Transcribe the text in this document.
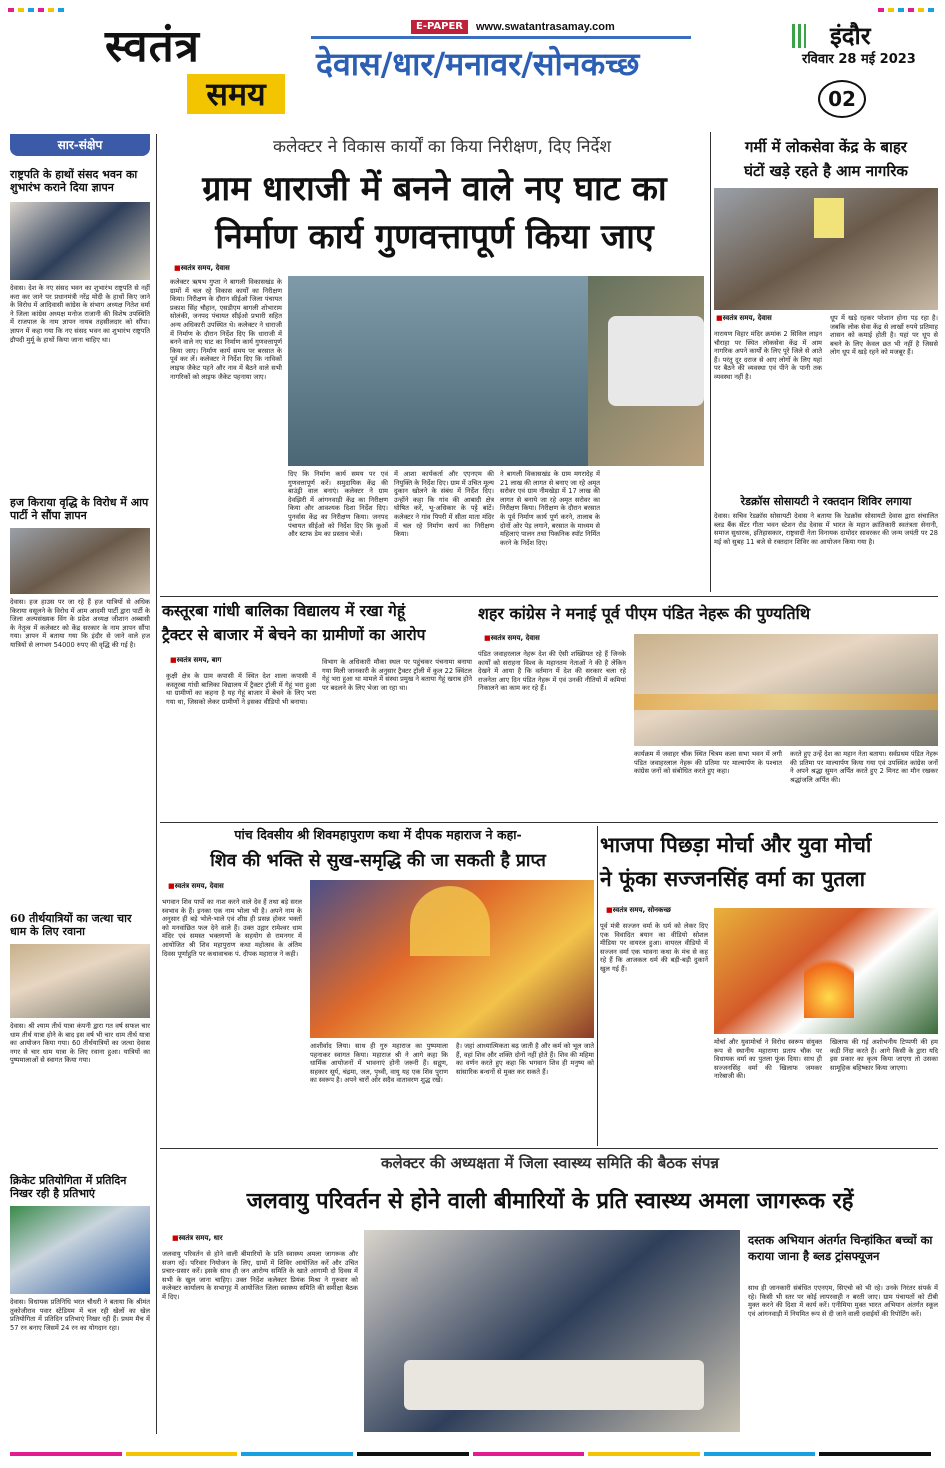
स्वतंत्र
समय
E-PAPER	www.swatantrasamay.com
देवास/धार/मनावर/सोनकच्छ
इंदौर
रविवार 28 मई 2023
02
सार-संक्षेप
राष्ट्रपति के हाथों संसद भवन का शुभारंभ कराने दिया ज्ञापन
देवास। देश के नए संसद भवन का शुभारंभ राष्ट्रपति से नहीं करा कर जाने पर प्रधानमंत्री नरेंद्र मोदी के हाथों किए जाने के विरोध में आदिवासी कांग्रेस के संभाग अध्यक्ष नितेश वर्मा ने जिला कांग्रेस अध्यक्ष मनोज राजानी की विशेष उपस्थिति में राजपाल के नाम ज्ञापन नायब तहसीलदार को सौंपा। ज्ञापन में कहा गया कि नए संसद भवन का शुभारंभ राष्ट्रपति द्रौपदी मुर्मू के हाथों किया जाना चाहिए था।
हज किराया वृद्धि के विरोध में आप पार्टी ने सौंपा ज्ञापन
देवास। हज हाउस पर जा रहे हैं हज यात्रियों से अधिक किराया वसूलने के विरोध में आम आदमी पार्टी द्वारा पार्टी के जिला अल्पसंख्यक विंग के प्रदेश अध्यक्ष जीशान अब्बासी के नेतृत्व में कलेक्टर को केंद्र सरकार के नाम ज्ञापन सौंपा गया। ज्ञापन में बताया गया कि इंदौर से जाने वाले हज यात्रियों से लगभग 54000 रुपए की वृद्धि की गई है।
60 तीर्थयात्रियों का जत्था चार धाम के लिए रवाना
देवास। श्री श्याम तीर्थ यात्रा कंपनी द्वारा गत वर्ष सफल चार धाम तीर्थ यात्रा होने के बाद इस वर्ष भी चार धाम तीर्थ यात्रा का आयोजन किया गया। 60 तीर्थयात्रियों का जत्था देवास नगर से चार धाम यात्रा के लिए रवाना हुआ। यात्रियों का पुष्पमालाओं से स्वागत किया गया।
क्रिकेट प्रतियोगिता में प्रतिदिन निखर रही है प्रतिभाएं
देवास। विधायक प्रतिनिधि भरत चौधरी ने बताया कि श्रीमंत तुकोजीराव पवार स्टेडियम में चल रही खेलों का खेल प्रतियोगिता में प्रतिदिन प्रतिभाएं निखर रही हैं। प्रथम मैच में 57 रन बनाए जिसमें 24 रन का योगदान रहा।
कलेक्टर ने विकास कार्यों का किया निरीक्षण, दिए निर्देश
ग्राम धाराजी में बनने वाले नए घाट का
निर्माण कार्य गुणवत्तापूर्ण किया जाए
■ स्वतंत्र समय, देवास
कलेक्टर ऋषभ गुप्ता ने बागली विकासखंड के ग्रामों में चल रहे विकास कार्यों का निरीक्षण किया। निरीक्षण के दौरान सीईओ जिला पंचायत प्रकाश सिंह चौहान, एसडीएम बागली शोभाराम सोलंकी, जनपद पंचायत सीईओ प्रभारी सहित अन्य अधिकारी उपस्थित थे। कलेक्टर ने धाराजी में निर्माण के दौरान निर्देश दिए कि धाराजी में बनने वाले नए घाट का निर्माण कार्य गुणवत्तापूर्ण किया जाए। निर्माण कार्य समय पर बरसात के पूर्व कर लें। कलेक्टर ने निर्देश दिए कि नाविकों लाइफ जैकेट पहने और नाव में बैठने वाले सभी नागरिकों को लाइफ जैकेट पहनाया जाए।
दिए कि निर्माण कार्य समय पर एवं गुणवत्तापूर्ण करें। समुदायिक केंद्र की बाउंड्री वाल बनाएं। कलेक्टर ने ग्राम देवझिरी में आंगनवाड़ी केंद्र का निरीक्षण किया और आवश्यक दिशा निर्देश दिए। पुनर्वास केंद्र का निरीक्षण किया। जनपद पंचायत सीईओ को निर्देश दिए कि कुओं और स्टाफ डेम का प्रस्ताव भेजें।
में आशा कार्यकर्ता और एएनएम की नियुक्ति के निर्देश दिए। ग्राम में उचित मूल्य दुकान खोलने के संबंध में निर्देश दिए। उन्होंने कहा कि गांव की आबादी क्षेत्र घोषित करें, भू-अधिकार के पट्टे बांटें। कलेक्टर ने गांव पिपरी में सीता माता मंदिर में चल रहे निर्माण कार्य का निरीक्षण किया।
ने बागली विकासखंड के ग्राम मगरादेह में 21 लाख की लागत से बनाए जा रहे अमृत सरोवर एवं ग्राम नीमखेड़ा में 17 लाख की लागत से बनाये जा रहे अमृत सरोवर का निरीक्षण किया। निरीक्षण के दौरान बरसात के पूर्व निर्माण कार्य पूर्ण करने, तालाब के दोनों ओर पेड़ लगाने, बरसात के माध्यम से महिलाएं पालन तथा पिकनिक स्पॉट निर्मित करने के निर्देश दिए।
गर्मी में लोकसेवा केंद्र के बाहर
घंटों खड़े रहते है आम नागरिक
■ स्वतंत्र समय, देवास
नारायण विहार मंदिर क्रमांक 2 सिविल लाइन चौराहा पर स्थित लोकसेवा केंद्र में आम नागरिक अपने कार्यों के लिए पूरे जिले से आते हैं। परंतु दूर दराज से आए लोगों के लिए यहां पर बैठने की व्यवस्था एवं पीने के पानी तक व्यवस्था नहीं है।
धूप में खड़े रहकर परेशान होना पड़ रहा है। जबकि लोक सेवा केंद्र से लाखों रुपये प्रतिमाह शासन को कमाई होती है। यहां पर धूप से बचने के लिए केवल छत भी नहीं है जिससे लोग धूप में खड़े रहने को मजबूर हैं।
रेडक्रॉस सोसायटी ने रक्तदान शिविर लगाया
देवास। सचिव रेडक्रॉस सोसायटी देवास ने बताया कि रेडक्रॉस सोसायटी देवास द्वारा संचालित ब्लड बैंक सेंटर गीता भवन स्टेशन रोड देवास में भारत के महान क्रांतिकारी स्वतंत्रता सेनानी, समाज सुधारक, इतिहासकार, राष्ट्रवादी नेता विनायक दामोदर सावरकर की जन्म जयंती पर 28 मई को सुबह 11 बजे से रक्तदान शिविर का आयोजन किया गया है।
कस्तूरबा गांधी बालिका विद्यालय में रखा गेहूं
ट्रैक्टर से बाजार में बेचने का ग्रामीणों का आरोप
■ स्वतंत्र समय, बाग
कुक्षी क्षेत्र के ग्राम कपासी में स्थित देश शाला कपासी में कस्तूरबा गांधी बालिका विद्यालय में ट्रैक्टर ट्रॉली में गेहूं भरा हुआ था ग्रामीणों का कहना है यह गेहूं बाजार में बेचने के लिए भरा गया था, जिसको लेकर ग्रामीणों ने इसका वीडियो भी बनाया।
विभाग के अधिकारी मौका स्थल पर पहुंचकर पंचनामा बनाया गया मिली जानकारी के अनुसार ट्रैक्टर ट्रॉली में कुल 22 क्विंटल गेहूं भरा हुआ था मामले में संस्था प्रमुख ने बताया गेहूं खराब होने पर बदलने के लिए भेजा जा रहा था।
शहर कांग्रेस ने मनाई पूर्व पीएम पंडित नेहरू की पुण्यतिथि
■ स्वतंत्र समय, देवास
पंडित जवाहरलाल नेहरू देश की ऐसी शख्सियत रहे हैं जिनके कार्यों को सराहना विश्व के महानतम नेताओं ने की है लेकिन देखने में आया है कि वर्तमान में देश की सरकार चला रहे राजनेता आए दिन पंडित नेहरू में एवं उनकी नीतियों में कमियां निकालने का काम कर रहे हैं।
कार्यक्रम में जवाहर चौक स्थित चित्रम कला सभा भवन में लगी पंडित जवाहरलाल नेहरू की प्रतिमा पर माल्यार्पण के पश्चात कांग्रेस जनों को संबोधित करते हुए कहा।
करते हुए उन्हें देश का महान नेता बताया। सर्वप्रथम पंडित नेहरू की प्रतिमा पर माल्यार्पण किया गया एवं उपस्थित कांग्रेस जनों ने अपने श्रद्धा सुमन अर्पित करते हुए 2 मिनट का मौन रखकर श्रद्धांजलि अर्पित की।
पांच दिवसीय श्री शिवमहापुराण कथा में दीपक महाराज ने कहा-
शिव की भक्ति से सुख-समृद्धि की जा सकती है प्राप्त
■ स्वतंत्र समय, देवास
भगवान शिव पापों का नाश करने वाले देव हैं तथा बड़े सरल स्वभाव के हैं। इनका एक नाम भोला भी है। अपने नाम के अनुसार ही बड़े भोले-भाले एवं शीघ्र ही प्रसन्न होकर भक्तों को मनवांछित फल देने वाले हैं। उक्त उद्गार रामेश्वर धाम मंदिर एवं समस्त भक्तगणों के सहयोग से रामनगर में आयोजित श्री शिव महापुराण कथा महोत्सव के अंतिम दिवस पूर्णाहुति पर कथावाचक पं. दीपक महाराज ने कही।
आशीर्वाद लिया। साथ ही गुरु महाराज का पुष्पमाला पहनाकर स्वागत किया। महाराज श्री ने आगे कहा कि धार्मिक आयोजनों में भावनाएं होनी जरूरी हैं। सद्गुण, सहकार सूर्य, चंद्रमा, जल, पृथ्वी, वायु यह एक शिव पुराण का स्वरूप है। अपने चारों ओर सदैव वातावरण शुद्ध रखें।
है। जहां आध्यात्मिकता बढ़ जाती है और कर्म को भूल जाते हैं, वहां शिव और शक्ति दोनों नहीं होते हैं। शिव की महिमा का वर्णन करते हुए कहा कि भगवान शिव ही मनुष्य को सांसारिक बन्धनों से मुक्त कर सकते हैं।
भाजपा पिछड़ा मोर्चा और युवा मोर्चा
ने फूंका सज्जनसिंह वर्मा का पुतला
■ स्वतंत्र समय, सोनकच्छ
पूर्व मंत्री सज्जन वर्मा के धर्म को लेकर दिए एक विवादित बयान का वीडियो सोशल मीडिया पर वायरल हुआ। वायरल वीडियो में सज्जन वर्मा एक भावना कथा के मंच से कह रहे हैं कि आजकल धर्म की बड़ी-बड़ी दुकानें खुल गई हैं।
मोर्चा और युवामोर्चा ने विरोध स्वरूप संयुक्त रूप से स्थानीय महाराणा प्रताप चौक पर विधायक वर्मा का पुतला फूंक दिया। साथ ही सज्जनसिंह वर्मा की खिलाफ जमकर नारेबाजी की।
खिलाफ की गई अशोभनीय टिप्पणी की हम कड़ी निंदा करते हैं। आगे किसी के द्वारा यदि इस प्रकार का कृत्य किया जाएगा तो उसका सामूहिक बहिष्कार किया जाएगा।
कलेक्टर की अध्यक्षता में जिला स्वास्थ्य समिति की बैठक संपन्न
जलवायु परिवर्तन से होने वाली बीमारियों के प्रति स्वास्थ्य अमला जागरूक रहें
■ स्वतंत्र समय, धार
जलवायु परिवर्तन से होने वाली बीमारियों के प्रति स्वास्थ्य अमला जागरूक और सजग रहें। परिवार नियोजन के लिए, ग्रामों में शिविर आयोजित करें और उचित प्रचार-प्रसार करें। इसके साथ ही जन आरोग्य समिति के खाते आगामी दो दिवस में सभी के खुल जाना चाहिए। उक्त निर्देश कलेक्टर प्रियंक मिश्रा ने गुरुवार को कलेक्टर कार्यालय के सभागृह में आयोजित जिला स्वास्थ्य समिति की समीक्षा बैठक में दिए।
दस्तक अभियान अंतर्गत चिन्हांकित बच्चों का कराया जाना है ब्लड ट्रांसफ्यूजन
साथ ही जानकारी संबंधित एएनएम, सिएचो को भी रहे। उनके निरंतर संपर्क में रहे। किसी भी स्तर पर कोई लापरवाही न बरती जाए। ग्राम पंचायतों को टीबी मुक्त करने की दिशा में कार्य करें। एनीमिया मुक्त भारत अभियान अंतर्गत स्कूल एवं आंगनवाड़ी में नियमित रूप से दी जाने वाली दवाईयों की रिपोर्टिंग करें।
